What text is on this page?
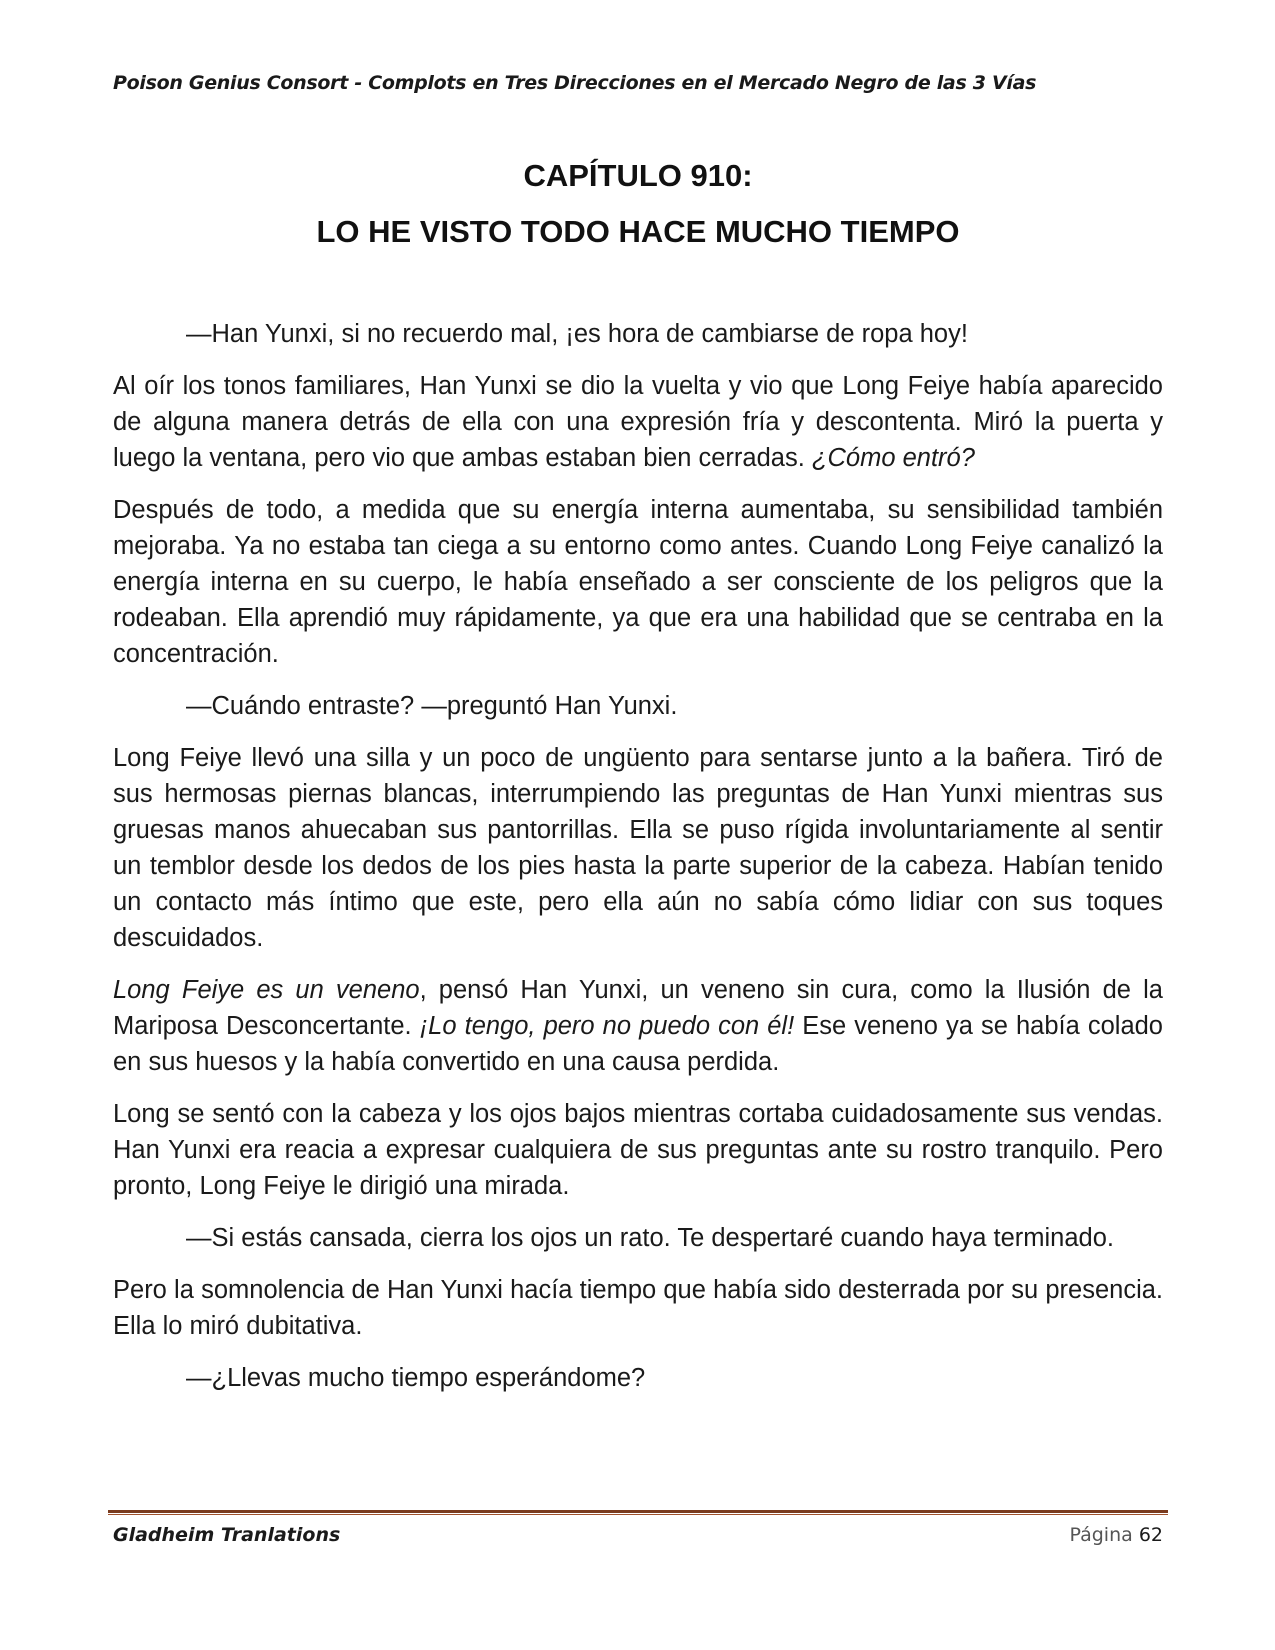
Poison Genius Consort - Complots en Tres Direcciones en el Mercado Negro de las 3 Vías
CAPÍTULO 910:
LO HE VISTO TODO HACE MUCHO TIEMPO

—Han Yunxi, si no recuerdo mal, ¡es hora de cambiarse de ropa hoy!

Al oír los tonos familiares, Han Yunxi se dio la vuelta y vio que Long Feiye había aparecido de alguna manera detrás de ella con una expresión fría y descontenta. Miró la puerta y luego la ventana, pero vio que ambas estaban bien cerradas. ¿Cómo entró?

Después de todo, a medida que su energía interna aumentaba, su sensibilidad también mejoraba. Ya no estaba tan ciega a su entorno como antes. Cuando Long Feiye canalizó la energía interna en su cuerpo, le había enseñado a ser consciente de los peligros que la rodeaban. Ella aprendió muy rápidamente, ya que era una habilidad que se centraba en la concentración.

—Cuándo entraste? —preguntó Han Yunxi.

Long Feiye llevó una silla y un poco de ungüento para sentarse junto a la bañera. Tiró de sus hermosas piernas blancas, interrumpiendo las preguntas de Han Yunxi mientras sus gruesas manos ahuecaban sus pantorrillas. Ella se puso rígida involuntariamente al sentir un temblor desde los dedos de los pies hasta la parte superior de la cabeza. Habían tenido un contacto más íntimo que este, pero ella aún no sabía cómo lidiar con sus toques descuidados.

Long Feiye es un veneno, pensó Han Yunxi, un veneno sin cura, como la Ilusión de la Mariposa Desconcertante. ¡Lo tengo, pero no puedo con él! Ese veneno ya se había colado en sus huesos y la había convertido en una causa perdida.

Long se sentó con la cabeza y los ojos bajos mientras cortaba cuidadosamente sus vendas. Han Yunxi era reacia a expresar cualquiera de sus preguntas ante su rostro tranquilo. Pero pronto, Long Feiye le dirigió una mirada.

—Si estás cansada, cierra los ojos un rato. Te despertaré cuando haya terminado.

Pero la somnolencia de Han Yunxi hacía tiempo que había sido desterrada por su presencia. Ella lo miró dubitativa.

—¿Llevas mucho tiempo esperándome?

Gladheim Tranlations	Página 62
